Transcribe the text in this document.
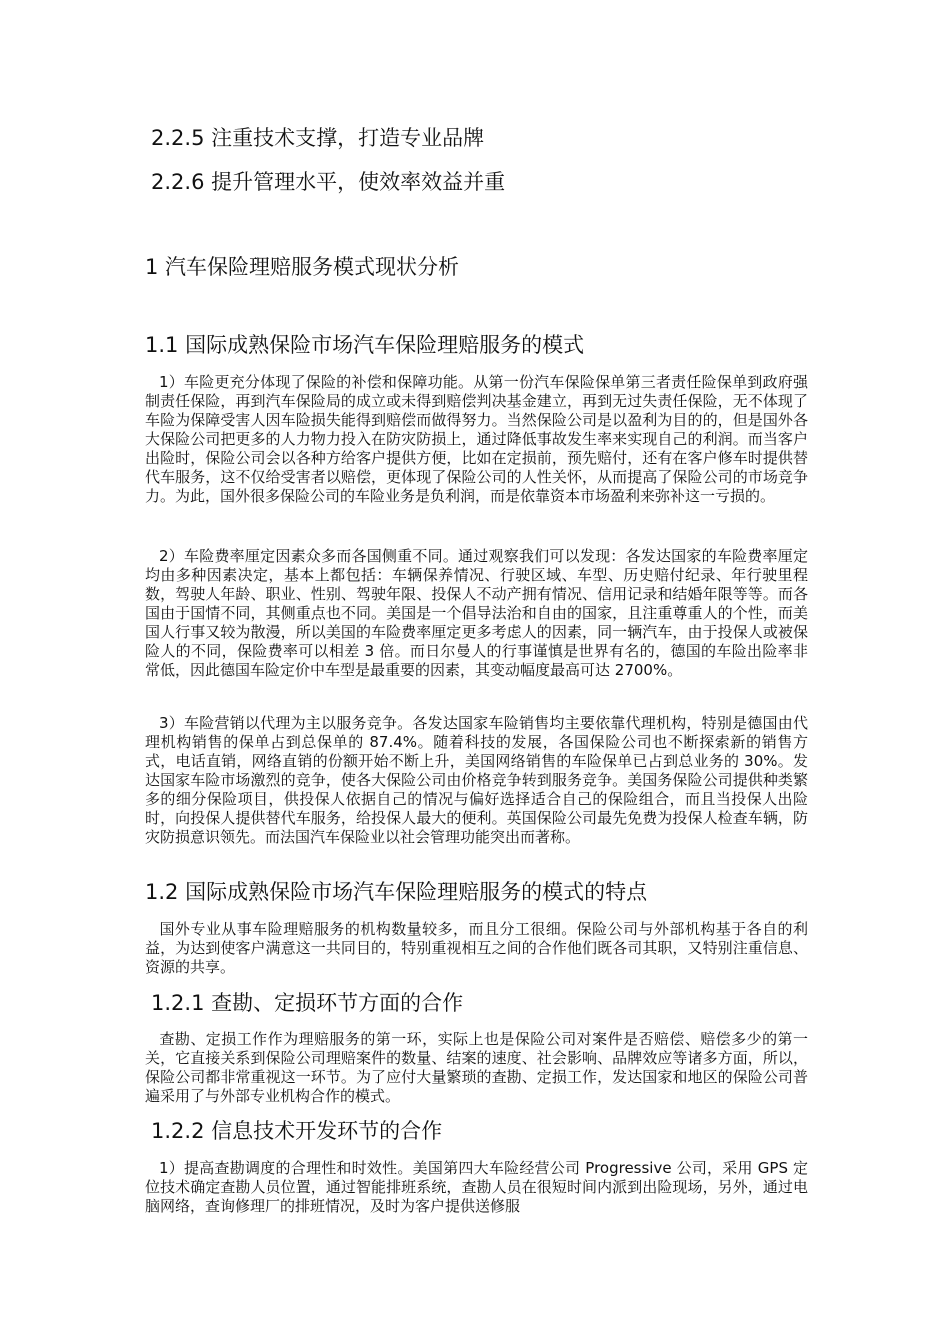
2.2.5 注重技术支撑，打造专业品牌
2.2.6 提升管理水平，使效率效益并重
1 汽车保险理赔服务模式现状分析
1.1 国际成熟保险市场汽车保险理赔服务的模式

1）车险更充分体现了保险的补偿和保障功能。从第一份汽车保险保单第三者责任险保单到政府强制责任保险，再到汽车保险局的成立或未得到赔偿判决基金建立，再到无过失责任保险，无不体现了车险为保障受害人因车险损失能得到赔偿而做得努力。当然保险公司是以盈利为目的的，但是国外各大保险公司把更多的人力物力投入在防灾防损上，通过降低事故发生率来实现自己的利润。而当客户出险时，保险公司会以各种方给客户提供方便，比如在定损前，预先赔付，还有在客户修车时提供替代车服务，这不仅给受害者以赔偿，更体现了保险公司的人性关怀，从而提高了保险公司的市场竞争力。为此，国外很多保险公司的车险业务是负利润，而是依靠资本市场盈利来弥补这一亏损的。

2）车险费率厘定因素众多而各国侧重不同。通过观察我们可以发现：各发达国家的车险费率厘定均由多种因素决定，基本上都包括：车辆保养情况、行驶区域、车型、历史赔付纪录、年行驶里程数，驾驶人年龄、职业、性别、驾驶年限、投保人不动产拥有情况、信用记录和结婚年限等等。而各国由于国情不同，其侧重点也不同。美国是一个倡导法治和自由的国家，且注重尊重人的个性，而美国人行事又较为散漫，所以美国的车险费率厘定更多考虑人的因素，同一辆汽车，由于投保人或被保险人的不同，保险费率可以相差 3 倍。而日尔曼人的行事谨慎是世界有名的，德国的车险出险率非常低，因此德国车险定价中车型是最重要的因素，其变动幅度最高可达 2700%。

3）车险营销以代理为主以服务竞争。各发达国家车险销售均主要依靠代理机构，特别是德国由代理机构销售的保单占到总保单的 87.4%。随着科技的发展，各国保险公司也不断探索新的销售方式，电话直销，网络直销的份额开始不断上升，美国网络销售的车险保单已占到总业务的 30%。发达国家车险市场激烈的竞争，使各大保险公司由价格竞争转到服务竞争。美国务保险公司提供种类繁多的细分保险项目，供投保人依据自己的情况与偏好选择适合自己的保险组合，而且当投保人出险时，向投保人提供替代车服务，给投保人最大的便利。英国保险公司最先免费为投保人检查车辆，防灾防损意识领先。而法国汽车保险业以社会管理功能突出而著称。

1.2 国际成熟保险市场汽车保险理赔服务的模式的特点

国外专业从事车险理赔服务的机构数量较多，而且分工很细。保险公司与外部机构基于各自的利益，为达到使客户满意这一共同目的，特别重视相互之间的合作他们既各司其职，又特别注重信息、资源的共享。

1.2.1 查勘、定损环节方面的合作

查勘、定损工作作为理赔服务的第一环，实际上也是保险公司对案件是否赔偿、赔偿多少的第一关，它直接关系到保险公司理赔案件的数量、结案的速度、社会影响、品牌效应等诸多方面，所以，保险公司都非常重视这一环节。为了应付大量繁琐的查勘、定损工作，发达国家和地区的保险公司普遍采用了与外部专业机构合作的模式。

1.2.2 信息技术开发环节的合作

1）提高查勘调度的合理性和时效性。美国第四大车险经营公司 Progressive 公司，采用 GPS 定位技术确定查勘人员位置，通过智能排班系统，查勘人员在很短时间内派到出险现场，另外，通过电脑网络，查询修理厂的排班情况，及时为客户提供送修服
